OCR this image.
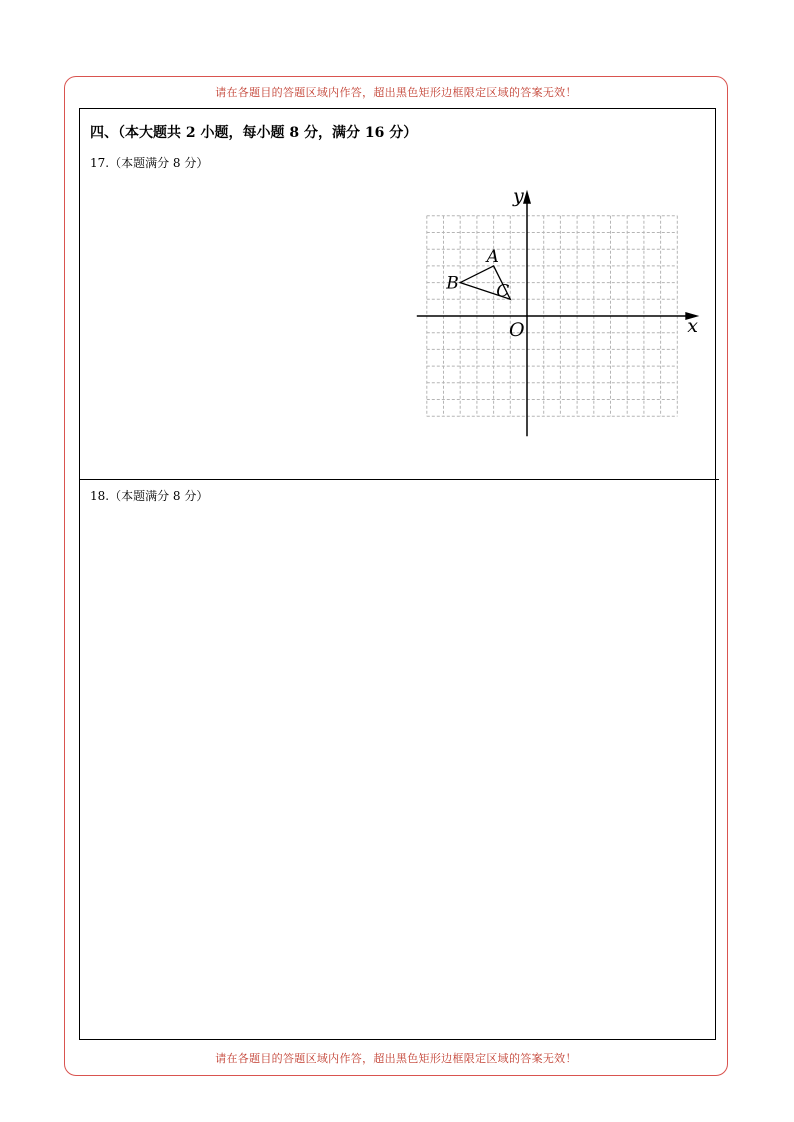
请在各题目的答题区域内作答，超出黑色矩形边框限定区域的答案无效！
四、（本大题共 2 小题，每小题 8 分，满分 16 分）
17.（本题满分 8 分）
x
y
O
A
B C
18.（本题满分 8 分）
请在各题目的答题区域内作答，超出黑色矩形边框限定区域的答案无效！
